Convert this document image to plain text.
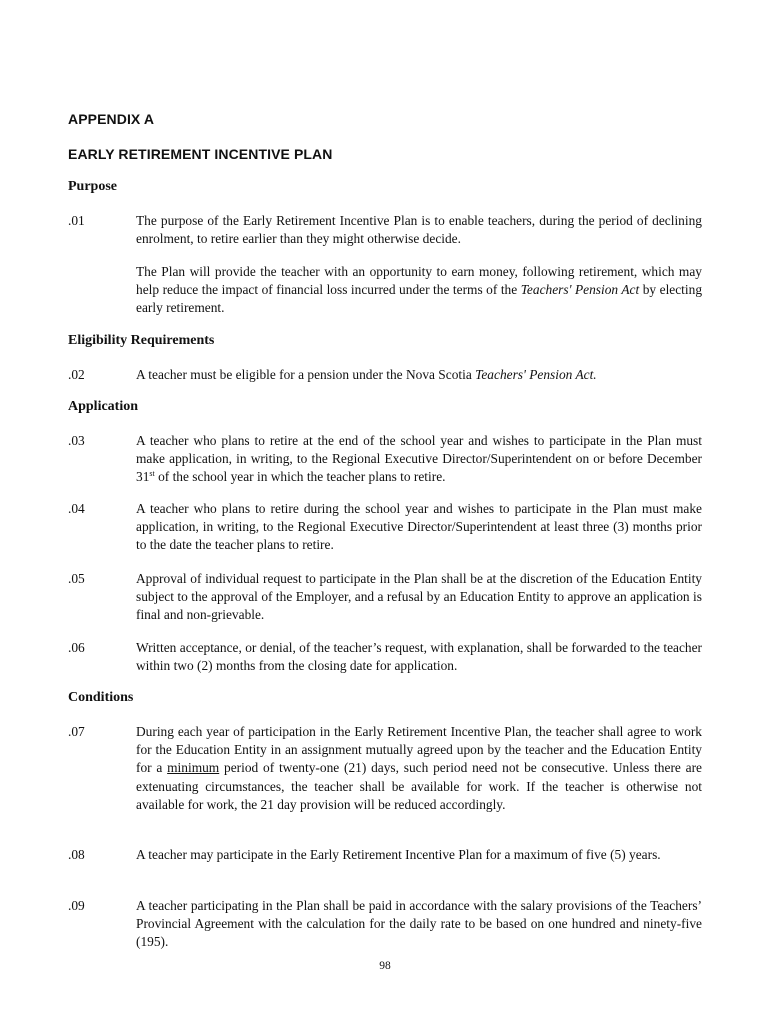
APPENDIX A
EARLY RETIREMENT INCENTIVE PLAN
Purpose
.01	The purpose of the Early Retirement Incentive Plan is to enable teachers, during the period of declining enrolment, to retire earlier than they might otherwise decide.
The Plan will provide the teacher with an opportunity to earn money, following retirement, which may help reduce the impact of financial loss incurred under the terms of the Teachers' Pension Act by electing early retirement.
Eligibility Requirements
.02	A teacher must be eligible for a pension under the Nova Scotia Teachers' Pension Act.
Application
.03	A teacher who plans to retire at the end of the school year and wishes to participate in the Plan must make application, in writing, to the Regional Executive Director/Superintendent on or before December 31st of the school year in which the teacher plans to retire.
.04	A teacher who plans to retire during the school year and wishes to participate in the Plan must make application, in writing, to the Regional Executive Director/Superintendent at least three (3) months prior to the date the teacher plans to retire.
.05	Approval of individual request to participate in the Plan shall be at the discretion of the Education Entity subject to the approval of the Employer, and a refusal by an Education Entity to approve an application is final and non-grievable.
.06	Written acceptance, or denial, of the teacher’s request, with explanation, shall be forwarded to the teacher within two (2) months from the closing date for application.
Conditions
.07	During each year of participation in the Early Retirement Incentive Plan, the teacher shall agree to work for the Education Entity in an assignment mutually agreed upon by the teacher and the Education Entity for a minimum period of twenty-one (21) days, such period need not be consecutive. Unless there are extenuating circumstances, the teacher shall be available for work. If the teacher is otherwise not available for work, the 21 day provision will be reduced accordingly.
.08	A teacher may participate in the Early Retirement Incentive Plan for a maximum of five (5) years.
.09	A teacher participating in the Plan shall be paid in accordance with the salary provisions of the Teachers’ Provincial Agreement with the calculation for the daily rate to be based on one hundred and ninety-five (195).
98
